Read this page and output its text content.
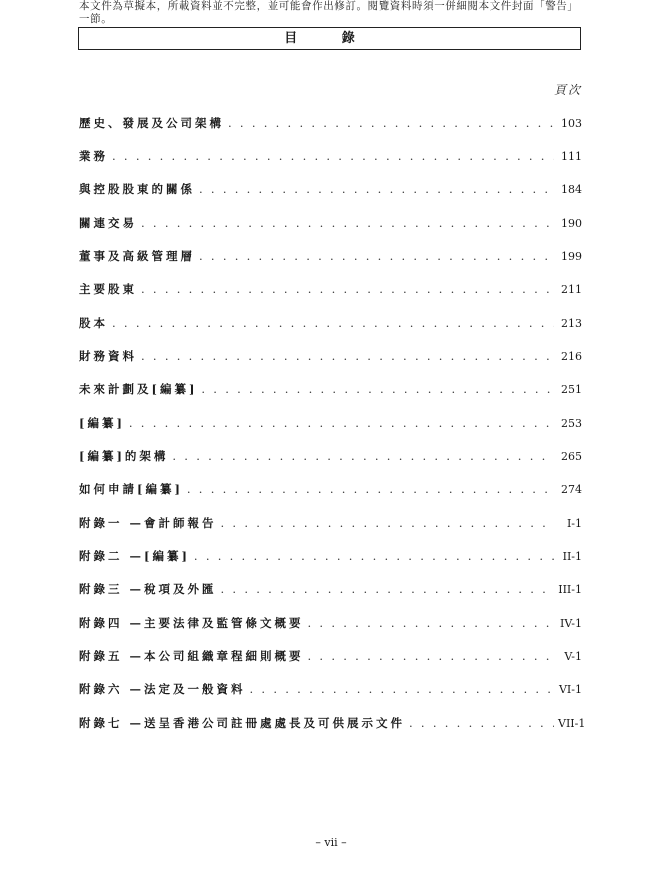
本文件為草擬本，所載資料並不完整，並可能會作出修訂。閱覽資料時須一併細閱本文件封面「警告」一節。
目 錄
頁次
歷史、發展及公司架構 . . .	103
業務 . . .	111
與控股股東的關係 . . .	184
關連交易 . . .	190
董事及高級管理層 . . .	199
主要股東 . . .	211
股本 . . .	213
財務資料 . . .	216
未來計劃及[編纂] . . .	251
[編纂] . . .	253
[編纂]的架構 . . .	265
如何申請[編纂] . . .	274
附錄一 — 會計師報告 . . .	I-1
附錄二 — [編纂] . . .	II-1
附錄三 — 稅項及外匯 . . .	III-1
附錄四 — 主要法律及監管條文概要 . . .	IV-1
附錄五 — 本公司組織章程細則概要 . . .	V-1
附錄六 — 法定及一般資料 . . .	VI-1
附錄七 — 送呈香港公司註冊處處長及可供展示文件 . . .	VII-1
– vii –
